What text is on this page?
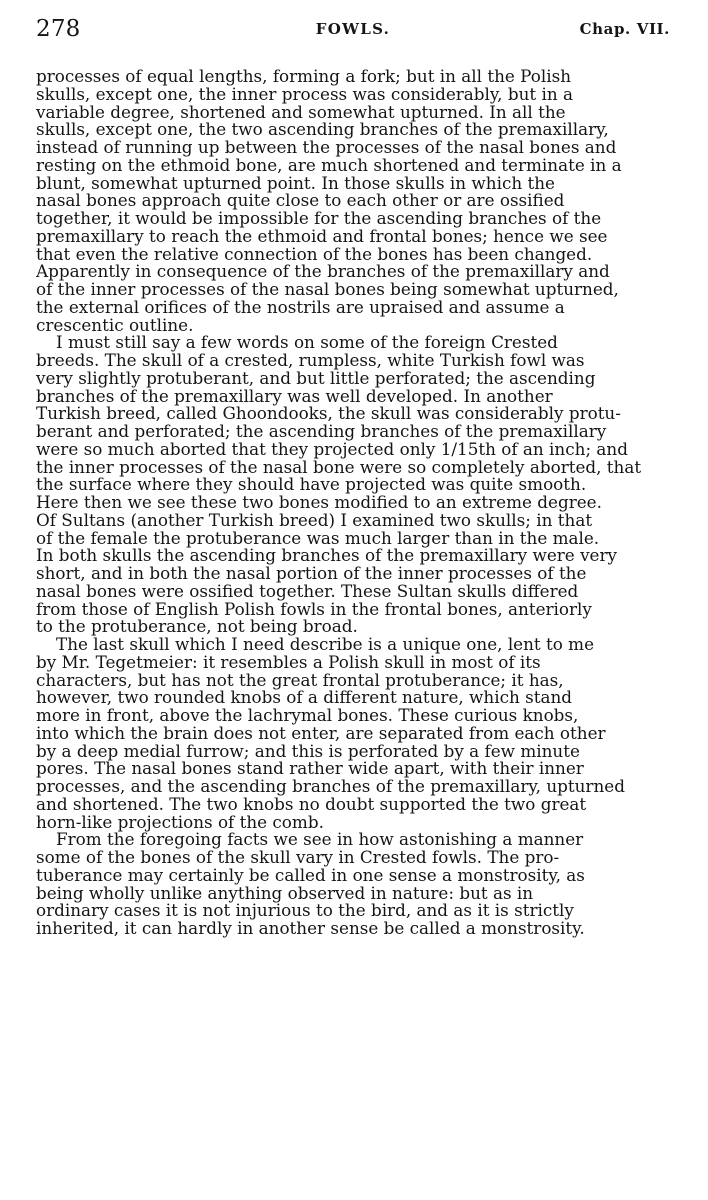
278	FOWLS.	Chap. VII.
processes of equal lengths, forming a fork; but in all the Polish
skulls, except one, the inner process was considerably, but in a
variable degree, shortened and somewhat upturned. In all the
skulls, except one, the two ascending branches of the premaxillary,
instead of running up between the processes of the nasal bones and
resting on the ethmoid bone, are much shortened and terminate in a
blunt, somewhat upturned point. In those skulls in which the
nasal bones approach quite close to each other or are ossified
together, it would be impossible for the ascending branches of the
premaxillary to reach the ethmoid and frontal bones; hence we see
that even the relative connection of the bones has been changed.
Apparently in consequence of the branches of the premaxillary and
of the inner processes of the nasal bones being somewhat upturned,
the external orifices of the nostrils are upraised and assume a
crescentic outline.
I must still say a few words on some of the foreign Crested
breeds. The skull of a crested, rumpless, white Turkish fowl was
very slightly protuberant, and but little perforated; the ascending
branches of the premaxillary was well developed. In another
Turkish breed, called Ghoondooks, the skull was considerably protu-
berant and perforated; the ascending branches of the premaxillary
were so much aborted that they projected only 1/15th of an inch; and
the inner processes of the nasal bone were so completely aborted, that
the surface where they should have projected was quite smooth.
Here then we see these two bones modified to an extreme degree.
Of Sultans (another Turkish breed) I examined two skulls; in that
of the female the protuberance was much larger than in the male.
In both skulls the ascending branches of the premaxillary were very
short, and in both the nasal portion of the inner processes of the
nasal bones were ossified together. These Sultan skulls differed
from those of English Polish fowls in the frontal bones, anteriorly
to the protuberance, not being broad.
The last skull which I need describe is a unique one, lent to me
by Mr. Tegetmeier: it resembles a Polish skull in most of its
characters, but has not the great frontal protuberance; it has,
however, two rounded knobs of a different nature, which stand
more in front, above the lachrymal bones. These curious knobs,
into which the brain does not enter, are separated from each other
by a deep medial furrow; and this is perforated by a few minute
pores. The nasal bones stand rather wide apart, with their inner
processes, and the ascending branches of the premaxillary, upturned
and shortened. The two knobs no doubt supported the two great
horn-like projections of the comb.
From the foregoing facts we see in how astonishing a manner
some of the bones of the skull vary in Crested fowls. The pro-
tuberance may certainly be called in one sense a monstrosity, as
being wholly unlike anything observed in nature: but as in
ordinary cases it is not injurious to the bird, and as it is strictly
inherited, it can hardly in another sense be called a monstrosity.
